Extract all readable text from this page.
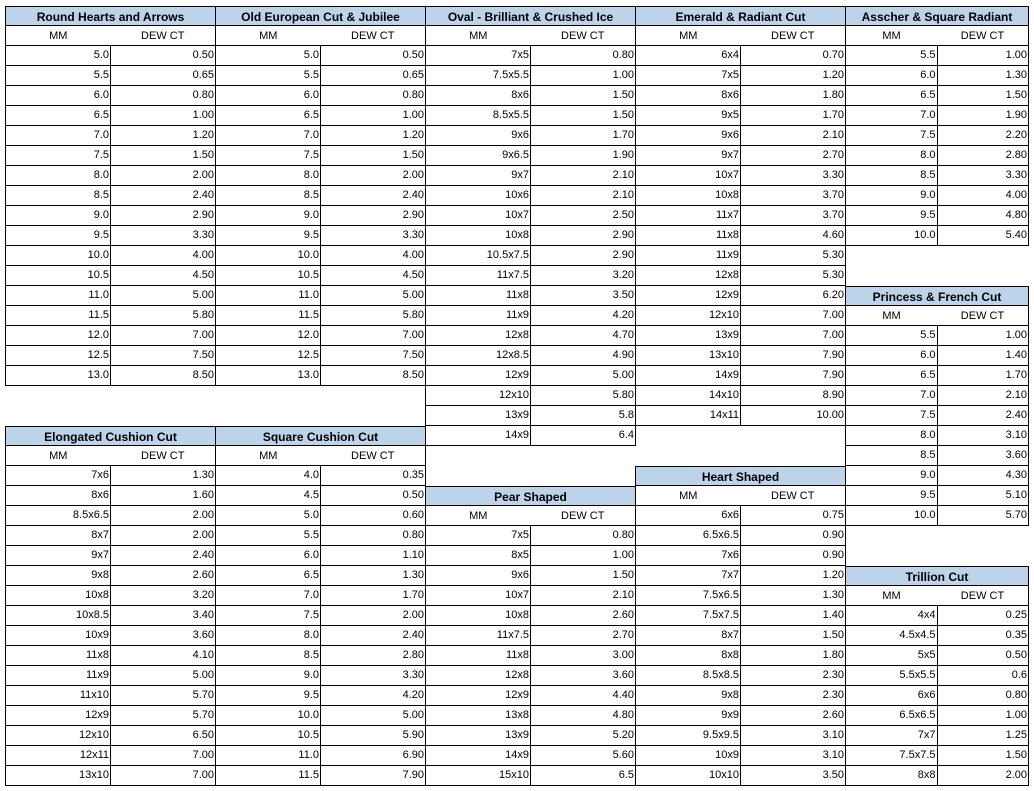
Round Hearts and Arrows
MM	DEW CT
5.0	0.50
5.5	0.65
6.0	0.80
6.5	1.00
7.0	1.20
7.5	1.50
8.0	2.00
8.5	2.40
9.0	2.90
9.5	3.30
10.0	4.00
10.5	4.50
11.0	5.00
11.5	5.80
12.0	7.00
12.5	7.50
13.0	8.50
Elongated Cushion Cut
MM	DEW CT
7x6	1.30
8x6	1.60
8.5x6.5	2.00
8x7	2.00
9x7	2.40
9x8	2.60
10x8	3.20
10x8.5	3.40
10x9	3.60
11x8	4.10
11x9	5.00
11x10	5.70
12x9	5.70
12x10	6.50
12x11	7.00
13x10	7.00
Old European Cut & Jubilee
MM	DEW CT
5.0	0.50
5.5	0.65
6.0	0.80
6.5	1.00
7.0	1.20
7.5	1.50
8.0	2.00
8.5	2.40
9.0	2.90
9.5	3.30
10.0	4.00
10.5	4.50
11.0	5.00
11.5	5.80
12.0	7.00
12.5	7.50
13.0	8.50
Square Cushion Cut
MM	DEW CT
4.0	0.35
4.5	0.50
5.0	0.60
5.5	0.80
6.0	1.10
6.5	1.30
7.0	1.70
7.5	2.00
8.0	2.40
8.5	2.80
9.0	3.30
9.5	4.20
10.0	5.00
10.5	5.90
11.0	6.90
11.5	7.90
Oval - Brilliant & Crushed Ice
MM	DEW CT
7x5	0.80
7.5x5.5	1.00
8x6	1.50
8.5x5.5	1.50
9x6	1.70
9x6.5	1.90
9x7	2.10
10x6	2.10
10x7	2.50
10x8	2.90
10.5x7.5	2.90
11x7.5	3.20
11x8	3.50
11x9	4.20
12x8	4.70
12x8.5	4.90
12x9	5.00
12x10	5.80
13x9	5.8
14x9	6.4
Pear Shaped
MM	DEW CT
7x5	0.80
8x5	1.00
9x6	1.50
10x7	2.10
10x8	2.60
11x7.5	2.70
11x8	3.00
12x8	3.60
12x9	4.40
13x8	4.80
13x9	5.20
14x9	5.60
15x10	6.5
Emerald & Radiant Cut
MM	DEW CT
6x4	0.70
7x5	1.20
8x6	1.80
9x5	1.70
9x6	2.10
9x7	2.70
10x7	3.30
10x8	3.70
11x7	3.70
11x8	4.60
11x9	5.30
12x8	5.30
12x9	6.20
12x10	7.00
13x9	7.00
13x10	7.90
14x9	7.90
14x10	8.90
14x11	10.00
Heart Shaped
MM	DEW CT
6x6	0.75
6.5x6.5	0.90
7x6	0.90
7x7	1.20
7.5x6.5	1.30
7.5x7.5	1.40
8x7	1.50
8x8	1.80
8.5x8.5	2.30
9x8	2.30
9x9	2.60
9.5x9.5	3.10
10x9	3.10
10x10	3.50
Asscher & Square Radiant
MM	DEW CT
5.5	1.00
6.0	1.30
6.5	1.50
7.0	1.90
7.5	2.20
8.0	2.80
8.5	3.30
9.0	4.00
9.5	4.80
10.0	5.40
Princess & French Cut
MM	DEW CT
5.5	1.00
6.0	1.40
6.5	1.70
7.0	2.10
7.5	2.40
8.0	3.10
8.5	3.60
9.0	4.30
9.5	5.10
10.0	5.70
Trillion Cut
MM	DEW CT
4x4	0.25
4.5x4.5	0.35
5x5	0.50
5.5x5.5	0.6
6x6	0.80
6.5x6.5	1.00
7x7	1.25
7.5x7.5	1.50
8x8	2.00
